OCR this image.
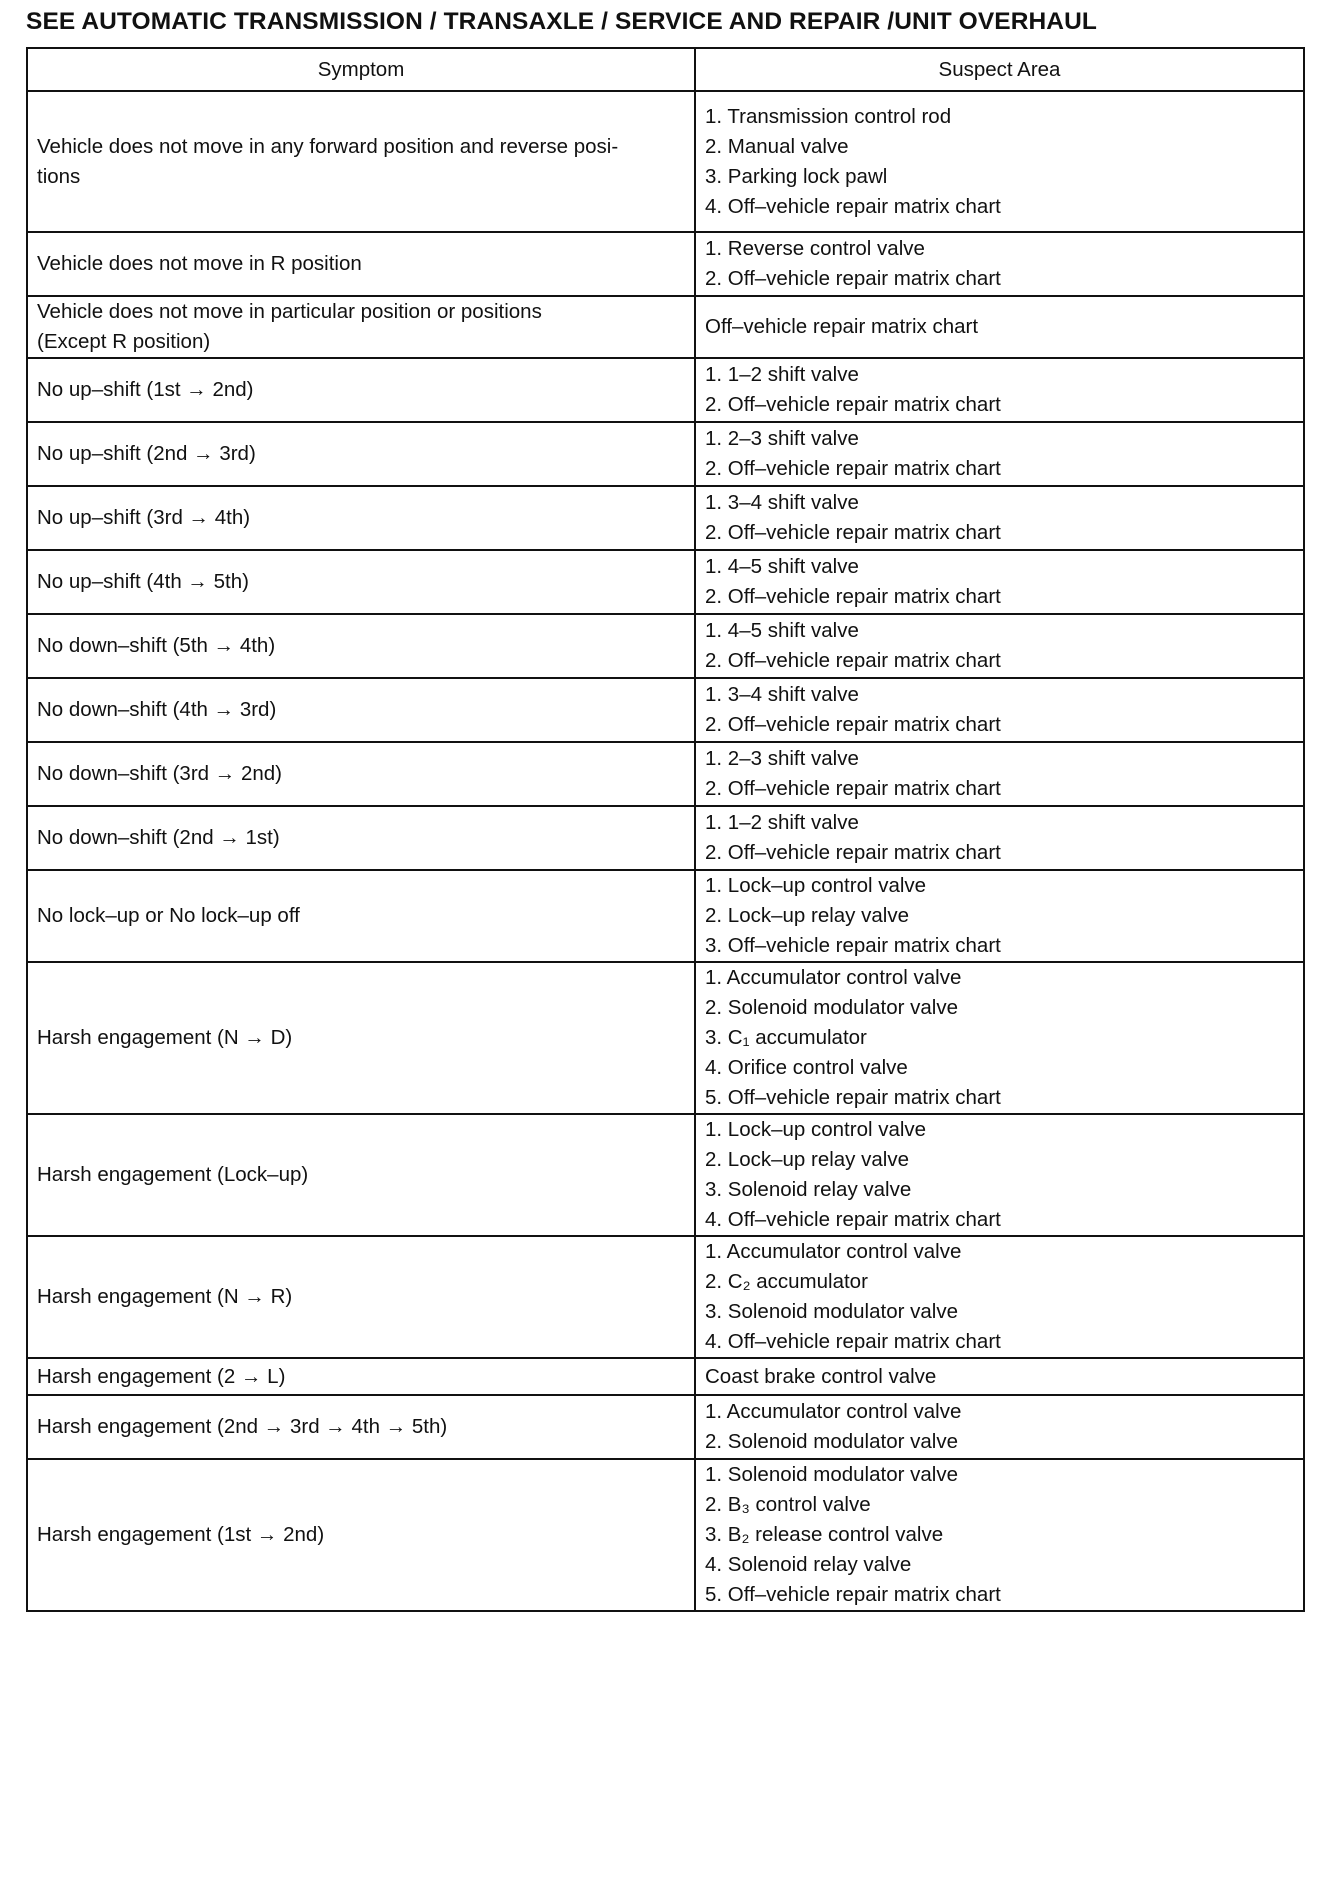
SEE AUTOMATIC TRANSMISSION / TRANSAXLE / SERVICE AND REPAIR /UNIT OVERHAUL
Symptom	Suspect Area

Vehicle does not move in any forward position and reverse posi-
tions	1. Transmission control rod
2. Manual valve
3. Parking lock pawl
4. Off–vehicle repair matrix chart

Vehicle does not move in R position	1. Reverse control valve
2. Off–vehicle repair matrix chart

Vehicle does not move in particular position or positions
(Except R position)	Off–vehicle repair matrix chart

No up–shift (1st → 2nd)	1. 1–2 shift valve
2. Off–vehicle repair matrix chart

No up–shift (2nd → 3rd)	1. 2–3 shift valve
2. Off–vehicle repair matrix chart

No up–shift (3rd → 4th)	1. 3–4 shift valve
2. Off–vehicle repair matrix chart

No up–shift (4th → 5th)	1. 4–5 shift valve
2. Off–vehicle repair matrix chart

No down–shift (5th → 4th)	1. 4–5 shift valve
2. Off–vehicle repair matrix chart

No down–shift (4th → 3rd)	1. 3–4 shift valve
2. Off–vehicle repair matrix chart

No down–shift (3rd → 2nd)	1. 2–3 shift valve
2. Off–vehicle repair matrix chart

No down–shift (2nd → 1st)	1. 1–2 shift valve
2. Off–vehicle repair matrix chart

No lock–up or No lock–up off	1. Lock–up control valve
2. Lock–up relay valve
3. Off–vehicle repair matrix chart

Harsh engagement (N → D)	1. Accumulator control valve
2. Solenoid modulator valve
3. C₁ accumulator
4. Orifice control valve
5. Off–vehicle repair matrix chart

Harsh engagement (Lock–up)	1. Lock–up control valve
2. Lock–up relay valve
3. Solenoid relay valve
4. Off–vehicle repair matrix chart

Harsh engagement (N → R)	1. Accumulator control valve
2. C₂ accumulator
3. Solenoid modulator valve
4. Off–vehicle repair matrix chart

Harsh engagement (2 → L)	Coast brake control valve

Harsh engagement (2nd → 3rd → 4th → 5th)	1. Accumulator control valve
2. Solenoid modulator valve

Harsh engagement (1st → 2nd)	1. Solenoid modulator valve
2. B₃ control valve
3. B₂ release control valve
4. Solenoid relay valve
5. Off–vehicle repair matrix chart
